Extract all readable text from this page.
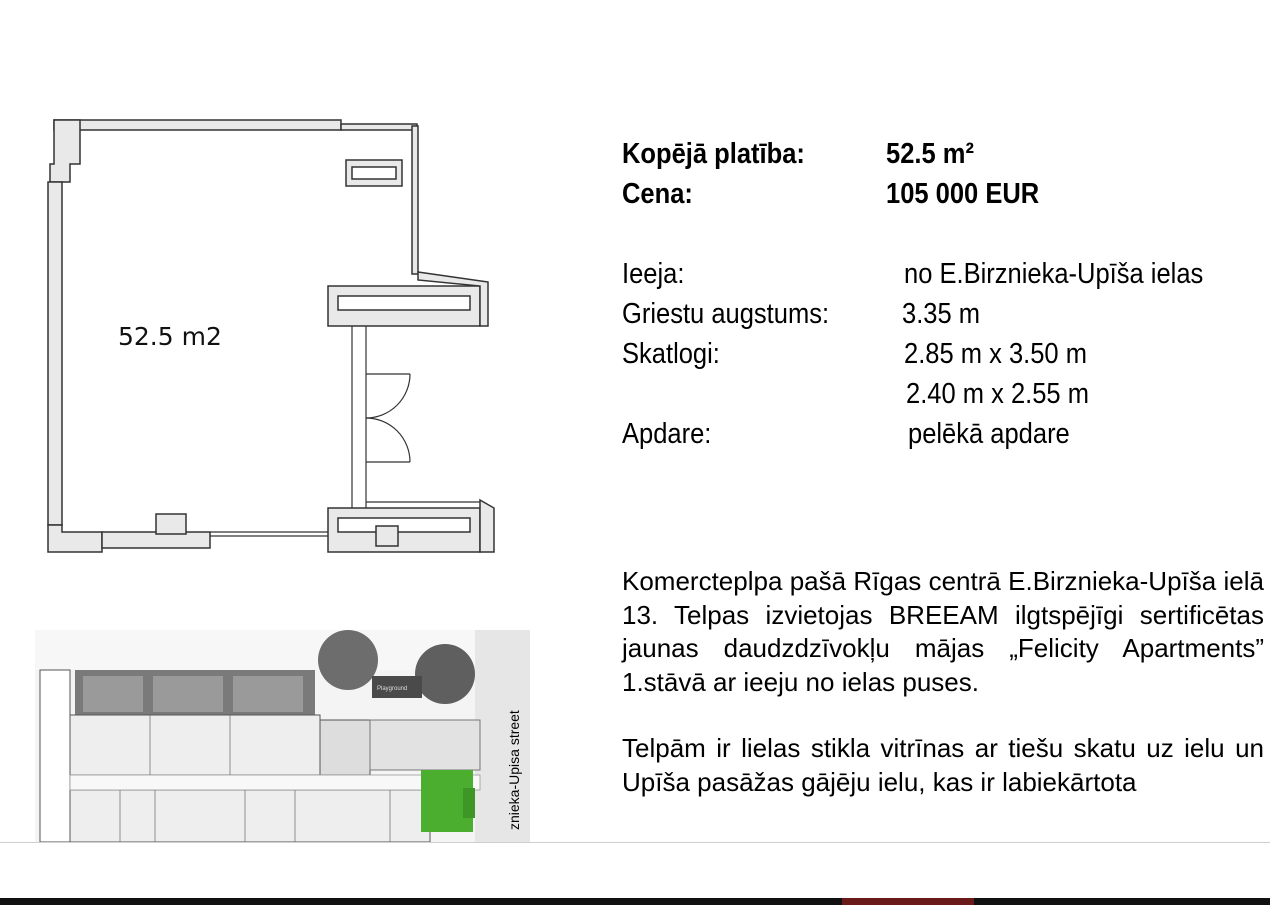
52.5 m2
znieka-Upisa street
Playground
Kopējā platība:	52.5 m²
Cena:	105 000 EUR
Ieeja:	no E.Birznieka-Upīša ielas
Griestu augstums:	3.35 m
Skatlogi:	2.85 m x 3.50 m
2.40 m x 2.55 m
Apdare:	pelēkā apdare

Komercteplpa pašā Rīgas centrā E.Birznieka-Upīša ielā 13. Telpas izvietojas BREEAM ilgtspējīgi sertificētas jaunas daudzdzīvokļu mājas „Felicity Apartments” 1.stāvā ar ieeju no ielas puses.

Telpām ir lielas stikla vitrīnas ar tiešu skatu uz ielu un Upīša pasāžas gājēju ielu, kas ir labiekārtota
